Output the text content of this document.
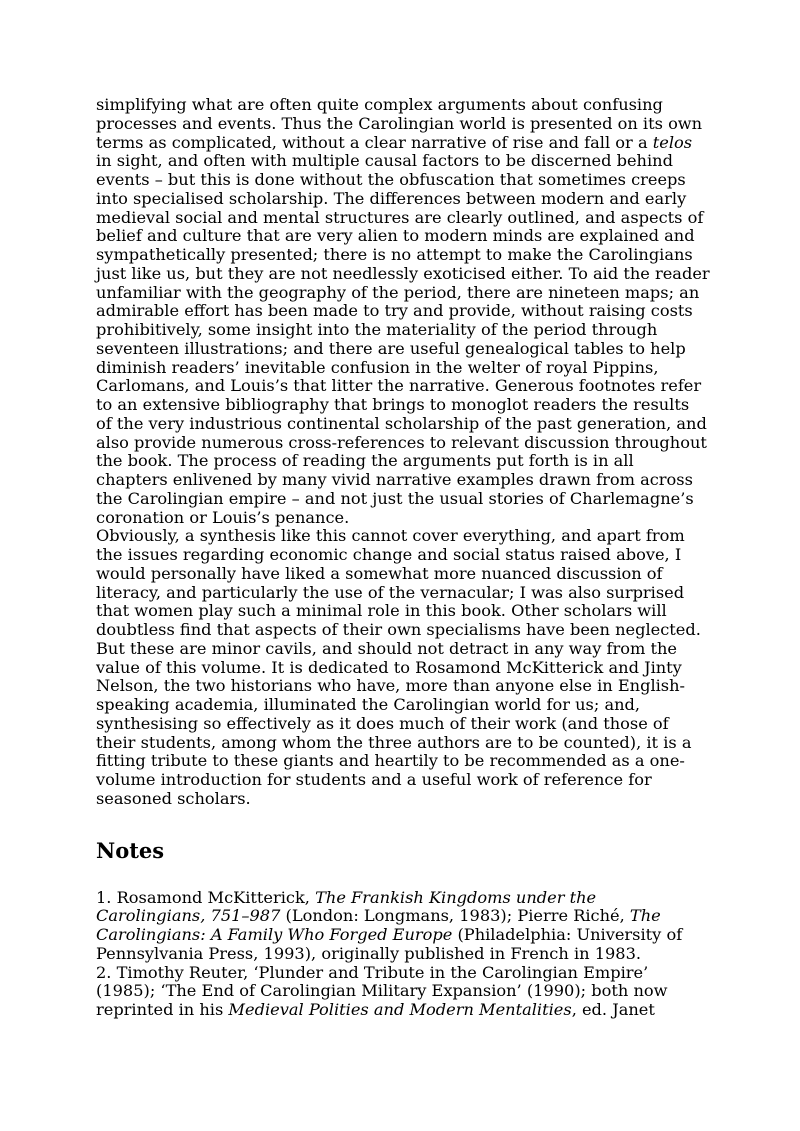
simplifying what are often quite complex arguments about confusing processes and events. Thus the Carolingian world is presented on its own terms as complicated, without a clear narrative of rise and fall or a telos in sight, and often with multiple causal factors to be discerned behind events – but this is done without the obfuscation that sometimes creeps into specialised scholarship. The differences between modern and early medieval social and mental structures are clearly outlined, and aspects of belief and culture that are very alien to modern minds are explained and sympathetically presented; there is no attempt to make the Carolingians just like us, but they are not needlessly exoticised either. To aid the reader unfamiliar with the geography of the period, there are nineteen maps; an admirable effort has been made to try and provide, without raising costs prohibitively, some insight into the materiality of the period through seventeen illustrations; and there are useful genealogical tables to help diminish readers’ inevitable confusion in the welter of royal Pippins, Carlomans, and Louis’s that litter the narrative. Generous footnotes refer to an extensive bibliography that brings to monoglot readers the results of the very industrious continental scholarship of the past generation, and also provide numerous cross-references to relevant discussion throughout the book. The process of reading the arguments put forth is in all chapters enlivened by many vivid narrative examples drawn from across the Carolingian empire – and not just the usual stories of Charlemagne’s coronation or Louis’s penance.

Obviously, a synthesis like this cannot cover everything, and apart from the issues regarding economic change and social status raised above, I would personally have liked a somewhat more nuanced discussion of literacy, and particularly the use of the vernacular; I was also surprised that women play such a minimal role in this book. Other scholars will doubtless find that aspects of their own specialisms have been neglected. But these are minor cavils, and should not detract in any way from the value of this volume. It is dedicated to Rosamond McKitterick and Jinty Nelson, the two historians who have, more than anyone else in English-speaking academia, illuminated the Carolingian world for us; and, synthesising so effectively as it does much of their work (and those of their students, among whom the three authors are to be counted), it is a fitting tribute to these giants and heartily to be recommended as a one-volume introduction for students and a useful work of reference for seasoned scholars.

Notes

1. Rosamond McKitterick, The Frankish Kingdoms under the Carolingians, 751–987 (London: Longmans, 1983); Pierre Riché, The Carolingians: A Family Who Forged Europe (Philadelphia: University of Pennsylvania Press, 1993), originally published in French in 1983.

2. Timothy Reuter, ‘Plunder and Tribute in the Carolingian Empire’ (1985); ‘The End of Carolingian Military Expansion’ (1990); both now reprinted in his Medieval Polities and Modern Mentalities, ed. Janet
